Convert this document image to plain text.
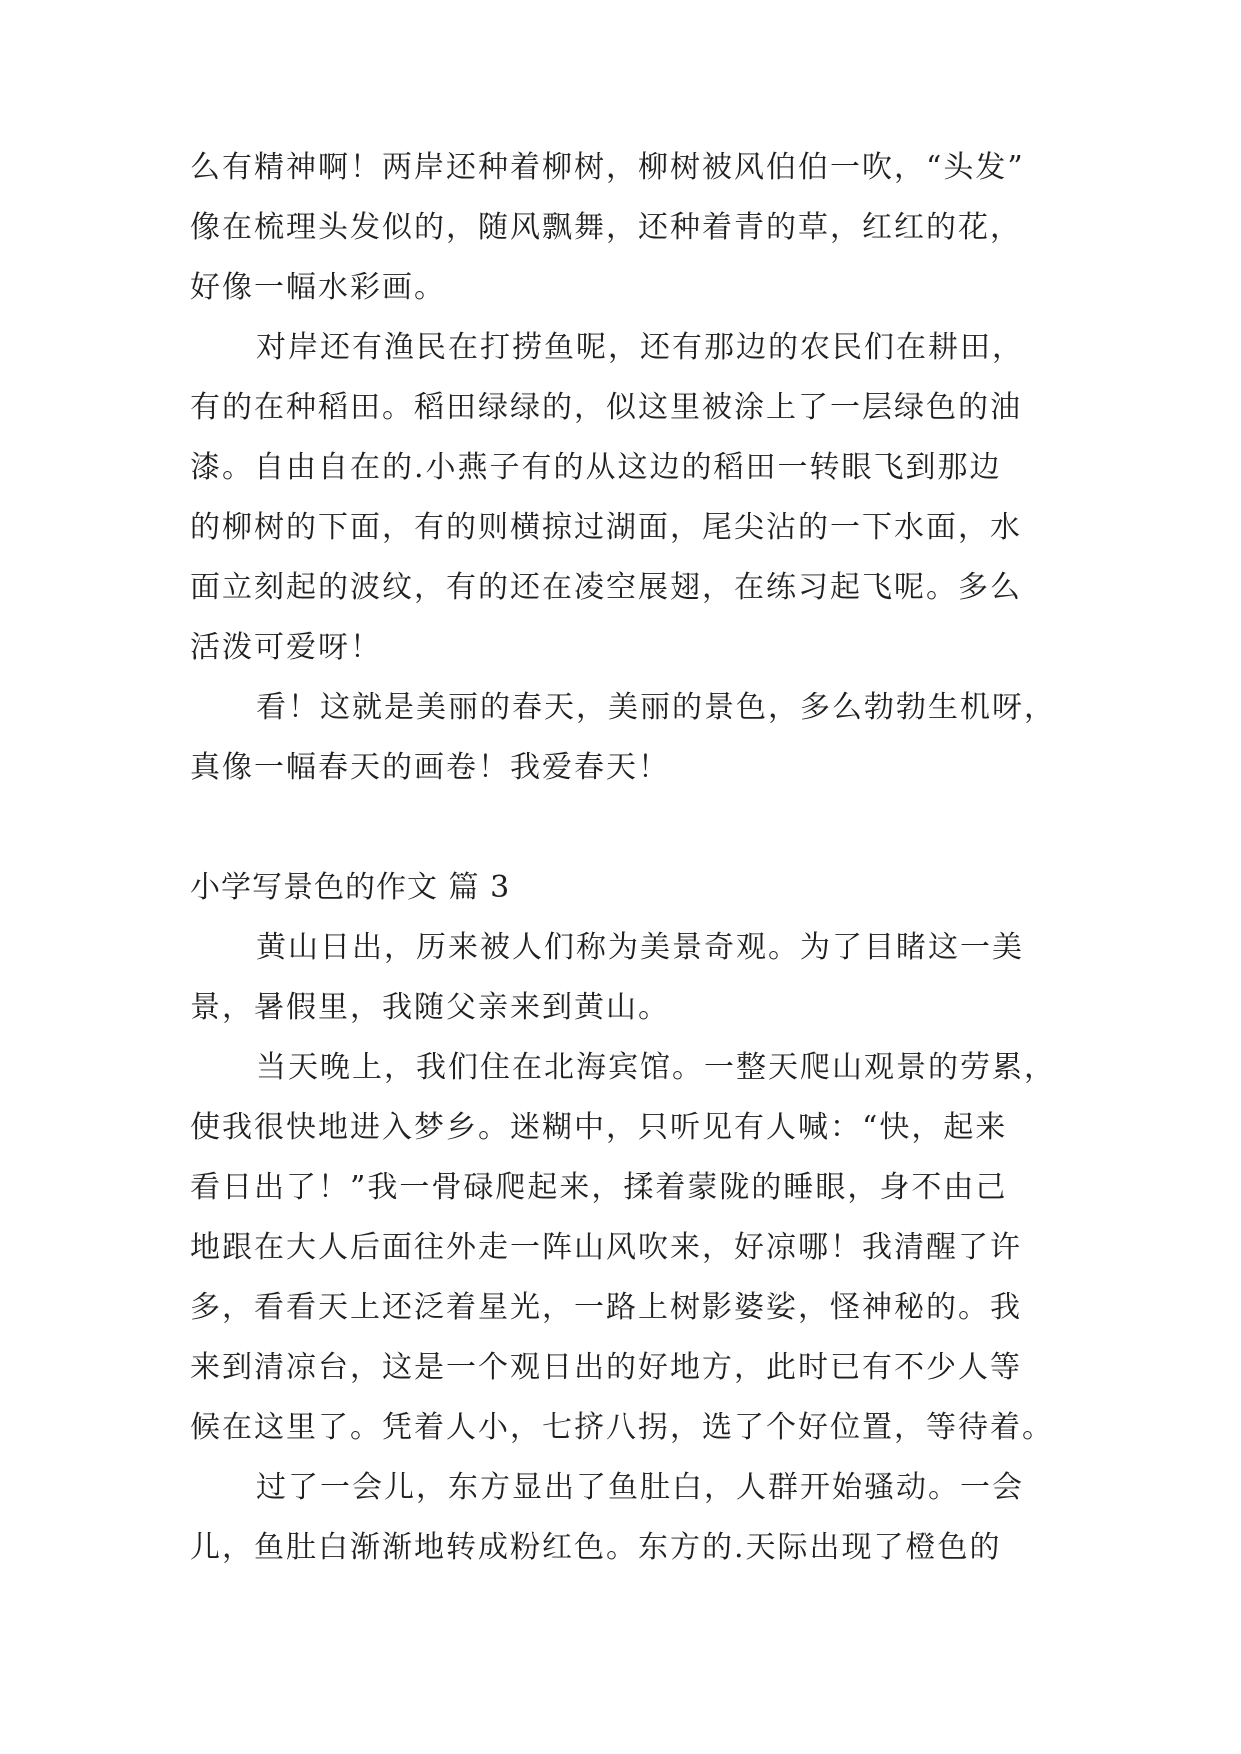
么有精神啊！两岸还种着柳树，柳树被风伯伯一吹，“头发”
像在梳理头发似的，随风飘舞，还种着青的草，红红的花，
好像一幅水彩画。
对岸还有渔民在打捞鱼呢，还有那边的农民们在耕田，
有的在种稻田。稻田绿绿的，似这里被涂上了一层绿色的油
漆。自由自在的.小燕子有的从这边的稻田一转眼飞到那边
的柳树的下面，有的则横掠过湖面，尾尖沾的一下水面，水
面立刻起的波纹，有的还在凌空展翅，在练习起飞呢。多么
活泼可爱呀！
看！这就是美丽的春天，美丽的景色，多么勃勃生机呀，
真像一幅春天的画卷！我爱春天！
小学写景色的作文 篇 3
黄山日出，历来被人们称为美景奇观。为了目睹这一美
景，暑假里，我随父亲来到黄山。
当天晚上，我们住在北海宾馆。一整天爬山观景的劳累，
使我很快地进入梦乡。迷糊中，只听见有人喊：“快，起来
看日出了！”我一骨碌爬起来，揉着蒙陇的睡眼，身不由己
地跟在大人后面往外走一阵山风吹来，好凉哪！我清醒了许
多，看看天上还泛着星光，一路上树影婆娑，怪神秘的。我
来到清凉台，这是一个观日出的好地方，此时已有不少人等
候在这里了。凭着人小，七挤八拐，选了个好位置，等待着。
过了一会儿，东方显出了鱼肚白，人群开始骚动。一会
儿，鱼肚白渐渐地转成粉红色。东方的.天际出现了橙色的
